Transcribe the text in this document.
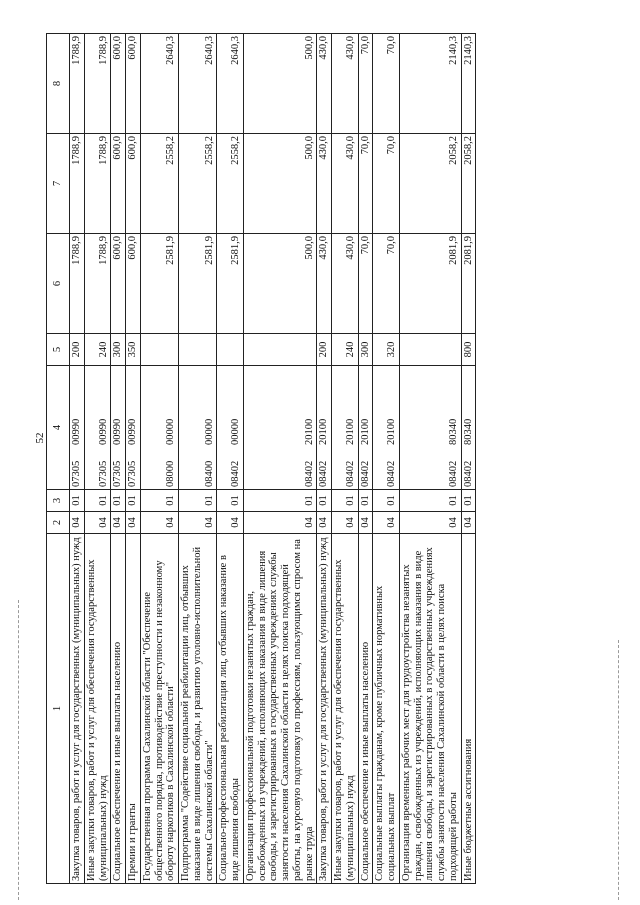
52
1	2	3	4	5	6	7	8
Закупка товаров, работ и услуг для государственных (муниципальных) нужд	04	01	0730500990	200	1788,9	1788,9	1788,9
Иные закупки товаров, работ и услуг для обеспечения государственных (муниципальных) нужд	04	01	0730500990	240	1788,9	1788,9	1788,9
Социальное обеспечение и иные выплаты населению	04	01	0730500990	300	600,0	600,0	600,0
Премии и гранты	04	01	0730500990	350	600,0	600,0	600,0
Государственная программа Сахалинской области "Обеспечение общественного порядка, противодействие преступности и незаконному обороту наркотиков в Сахалинской области"	04	01	0800000000		2581,9	2558,2	2640,3
Подпрограмма "Содействие социальной реабилитации лиц, отбывших наказание в виде лишения свободы, и развитию уголовно-исполнительной системы Сахалинской области"	04	01	0840000000		2581,9	2558,2	2640,3
Социально-профессиональная реабилитация лиц, отбывших наказание в виде лишения свободы	04	01	0840200000		2581,9	2558,2	2640,3
Организация профессиональной подготовки незанятых граждан, освобожденных из учреждений, исполняющих наказания в виде лишения свободы, и зарегистрированных в государственных учреждениях службы занятости населения Сахалинской области в целях поиска подходящей работы, на курсовую подготовку по профессиям, пользующимся спросом на рынке труда	04	01	0840220100		500,0	500,0	500,0
Закупка товаров, работ и услуг для государственных (муниципальных) нужд	04	01	0840220100	200	430,0	430,0	430,0
Иные закупки товаров, работ и услуг для обеспечения государственных (муниципальных) нужд	04	01	0840220100	240	430,0	430,0	430,0
Социальное обеспечение и иные выплаты населению	04	01	0840220100	300	70,0	70,0	70,0
Социальные выплаты гражданам, кроме публичных нормативных социальных выплат	04	01	0840220100	320	70,0	70,0	70,0
Организация временных рабочих мест для трудоустройства незанятых граждан, освобожденных из учреждений, исполняющих наказания в виде лишения свободы, и зарегистрированных в государственных учреждениях службы занятости населения Сахалинской области в целях поиска подходящей работы	04	01	0840280340		2081,9	2058,2	2140,3
Иные бюджетные ассигнования	04	01	0840280340	800	2081,9	2058,2	2140,3
